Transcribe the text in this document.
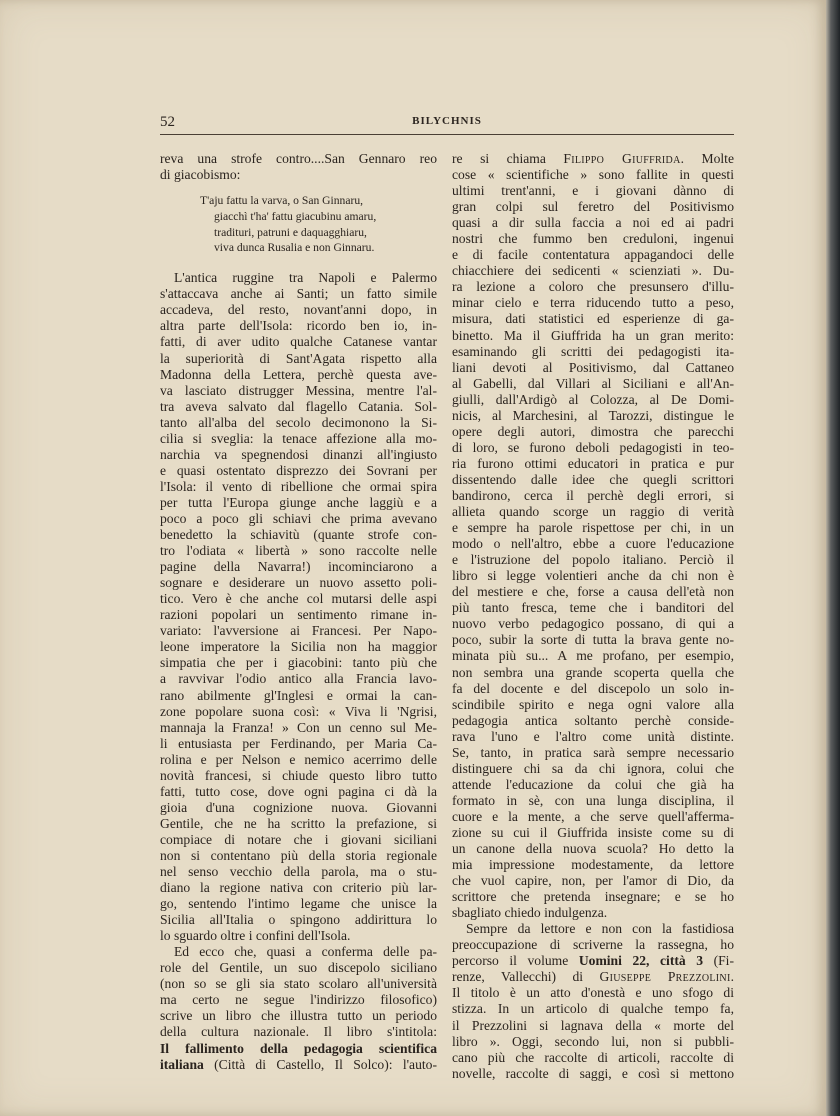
52	BILYCHNIS
reva una strofe contro....San Gennaro reo
di giacobismo:
T'aju fattu la varva, o San Ginnaru,
giacchì t'ha' fattu giacubinu amaru,
tradituri, patruni e daquagghiaru,
viva dunca Rusalia e non Ginnaru.
L'antica ruggine tra Napoli e Palermo
s'attaccava anche ai Santi; un fatto simile
accadeva, del resto, novant'anni dopo, in
altra parte dell'Isola: ricordo ben io, in-
fatti, di aver udito qualche Catanese vantar
la superiorità di Sant'Agata rispetto alla
Madonna della Lettera, perchè questa ave-
va lasciato distrugger Messina, mentre l'al-
tra aveva salvato dal flagello Catania. Sol-
tanto all'alba del secolo decimonono la Si-
cilia si sveglia: la tenace affezione alla mo-
narchia va spegnendosi dinanzi all'ingiusto
e quasi ostentato disprezzo dei Sovrani per
l'Isola: il vento di ribellione che ormai spira
per tutta l'Europa giunge anche laggiù e a
poco a poco gli schiavi che prima avevano
benedetto la schiavitù (quante strofe con-
tro l'odiata « libertà » sono raccolte nelle
pagine della Navarra!) incominciarono a
sognare e desiderare un nuovo assetto poli-
tico. Vero è che anche col mutarsi delle aspi
razioni popolari un sentimento rimane in-
variato: l'avversione ai Francesi. Per Napo-
leone imperatore la Sicilia non ha maggior
simpatia che per i giacobini: tanto più che
a ravvivar l'odio antico alla Francia lavo-
rano abilmente gl'Inglesi e ormai la can-
zone popolare suona così: « Viva li 'Ngrisi,
mannaja la Franza! » Con un cenno sul Me-
li entusiasta per Ferdinando, per Maria Ca-
rolina e per Nelson e nemico acerrimo delle
novità francesi, si chiude questo libro tutto
fatti, tutto cose, dove ogni pagina ci dà la
gioia d'una cognizione nuova. Giovanni
Gentile, che ne ha scritto la prefazione, si
compiace di notare che i giovani siciliani
non si contentano più della storia regionale
nel senso vecchio della parola, ma o stu-
diano la regione nativa con criterio più lar-
go, sentendo l'intimo legame che unisce la
Sicilia all'Italia o spingono addirittura lo
lo sguardo oltre i confini dell'Isola.
Ed ecco che, quasi a conferma delle pa-
role del Gentile, un suo discepolo siciliano
(non so se gli sia stato scolaro all'università
ma certo ne segue l'indirizzo filosofico)
scrive un libro che illustra tutto un periodo
della cultura nazionale. Il libro s'intitola:
Il fallimento della pedagogia scientifica
italiana (Città di Castello, Il Solco): l'auto-
re si chiama Filippo Giuffrida. Molte
cose « scientifiche » sono fallite in questi
ultimi trent'anni, e i giovani dànno di
gran colpi sul feretro del Positivismo
quasi a dir sulla faccia a noi ed ai padri
nostri che fummo ben creduloni, ingenui
e di facile contentatura appagandoci delle
chiacchiere dei sedicenti « scienziati ». Du-
ra lezione a coloro che presunsero d'illu-
minar cielo e terra riducendo tutto a peso,
misura, dati statistici ed esperienze di ga-
binetto. Ma il Giuffrida ha un gran merito:
esaminando gli scritti dei pedagogisti ita-
liani devoti al Positivismo, dal Cattaneo
al Gabelli, dal Villari al Siciliani e all'An-
giulli, dall'Ardigò al Colozza, al De Domi-
nicis, al Marchesini, al Tarozzi, distingue le
opere degli autori, dimostra che parecchi
di loro, se furono deboli pedagogisti in teo-
ria furono ottimi educatori in pratica e pur
dissentendo dalle idee che quegli scrittori
bandirono, cerca il perchè degli errori, si
allieta quando scorge un raggio di verità
e sempre ha parole rispettose per chi, in un
modo o nell'altro, ebbe a cuore l'educazione
e l'istruzione del popolo italiano. Perciò il
libro si legge volentieri anche da chi non è
del mestiere e che, forse a causa dell'età non
più tanto fresca, teme che i banditori del
nuovo verbo pedagogico possano, di qui a
poco, subir la sorte di tutta la brava gente no-
minata più su... A me profano, per esempio,
non sembra una grande scoperta quella che
fa del docente e del discepolo un solo in-
scindibile spirito e nega ogni valore alla
pedagogia antica soltanto perchè conside-
rava l'uno e l'altro come unità distinte.
Se, tanto, in pratica sarà sempre necessario
distinguere chi sa da chi ignora, colui che
attende l'educazione da colui che già ha
formato in sè, con una lunga disciplina, il
cuore e la mente, a che serve quell'afferma-
zione su cui il Giuffrida insiste come su di
un canone della nuova scuola? Ho detto la
mia impressione modestamente, da lettore
che vuol capire, non, per l'amor di Dio, da
scrittore che pretenda insegnare; e se ho
sbagliato chiedo indulgenza.
Sempre da lettore e non con la fastidiosa
preoccupazione di scriverne la rassegna, ho
percorso il volume Uomini 22, città 3 (Fi-
renze, Vallecchi) di Giuseppe Prezzolini.
Il titolo è un atto d'onestà e uno sfogo di
stizza. In un articolo di qualche tempo fa,
il Prezzolini si lagnava della « morte del
libro ». Oggi, secondo lui, non si pubbli-
cano più che raccolte di articoli, raccolte di
novelle, raccolte di saggi, e così si mettono
